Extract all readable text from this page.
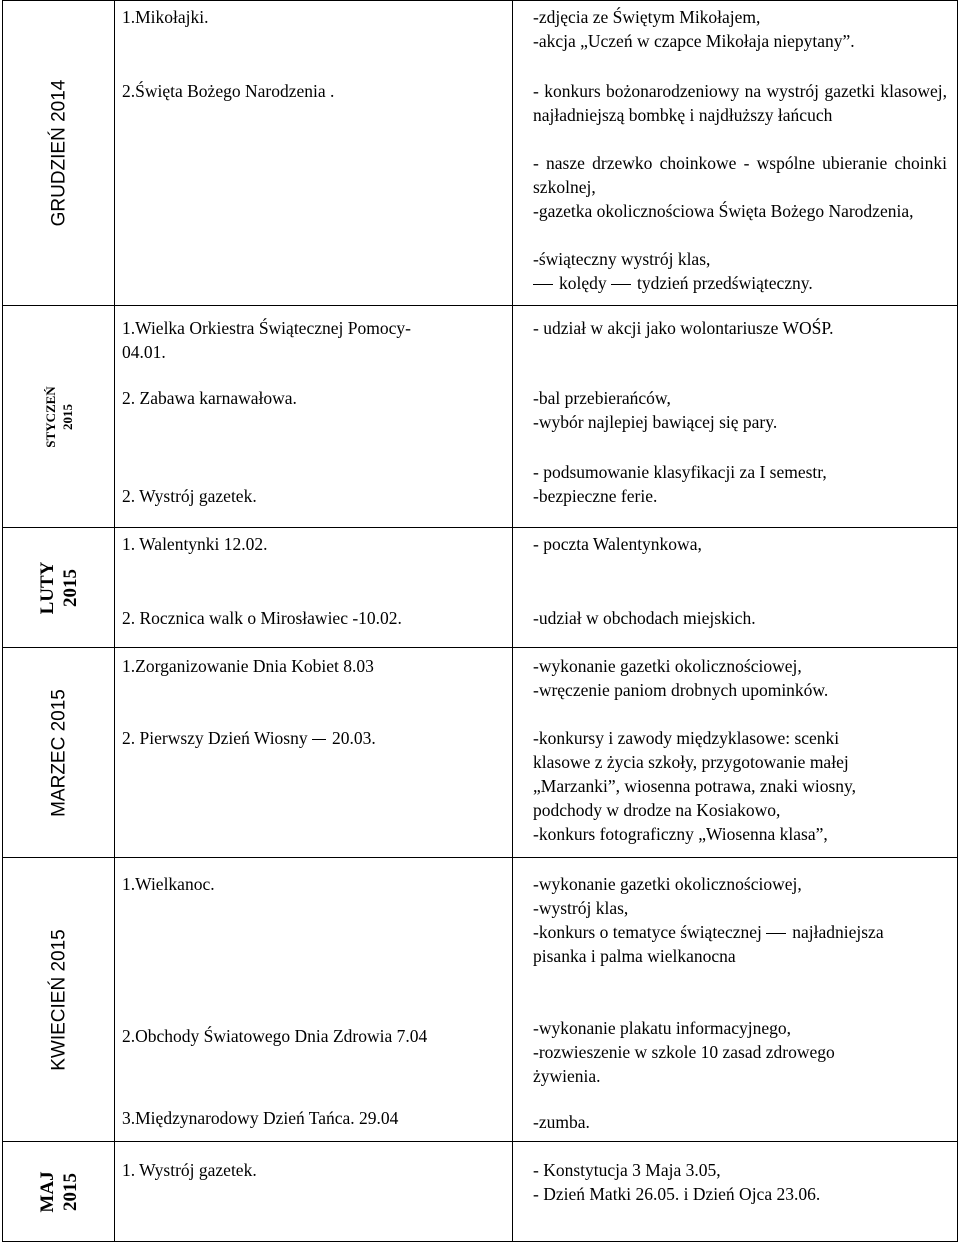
GRUDZIEŃ 2014
1.Mikołajki.
2.Święta Bożego Narodzenia .
-zdjęcia ze Świętym Mikołajem,
-akcja „Uczeń w czapce Mikołaja niepytany”.
- konkurs bożonarodzeniowy na wystrój gazetki klasowej, najładniejszą bombkę i najdłuższy łańcuch
- nasze drzewko choinkowe - wspólne ubieranie choinki szkolnej,
-gazetka okolicznościowa Święta Bożego Narodzenia,
-świąteczny wystrój klas,
kolędy tydzień przedświąteczny.
STYCZEŃ 2015
1.Wielka Orkiestra Świątecznej Pomocy-
04.01.
2. Zabawa karnawałowa.
2. Wystrój gazetek.
- udział w akcji jako wolontariusze WOŚP.
-bal przebierańców,
-wybór najlepiej bawiącej się pary.
- podsumowanie klasyfikacji za I semestr,
-bezpieczne ferie.
LUTY 2015
1. Walentynki 12.02.
2. Rocznica walk o Mirosławiec -10.02.
- poczta Walentynkowa,
-udział w obchodach miejskich.
MARZEC 2015
1.Zorganizowanie Dnia Kobiet 8.03
2. Pierwszy Dzień Wiosny 20.03.
-wykonanie gazetki okolicznościowej,
-wręczenie paniom drobnych upominków.
-konkursy i zawody międzyklasowe: scenki
klasowe z życia szkoły, przygotowanie małej
„Marzanki”, wiosenna potrawa, znaki wiosny,
podchody w drodze na Kosiakowo,
-konkurs fotograficzny „Wiosenna klasa”,
KWIECIEŃ 2015
1.Wielkanoc.
2.Obchody Światowego Dnia Zdrowia 7.04
3.Międzynarodowy Dzień Tańca. 29.04
-wykonanie gazetki okolicznościowej,
-wystrój klas,
-konkurs o tematyce świątecznej najładniejsza
pisanka i palma wielkanocna
-wykonanie plakatu informacyjnego,
-rozwieszenie w szkole 10 zasad zdrowego
żywienia.
-zumba.
MAJ 2015
1. Wystrój gazetek.	- Konstytucja 3 Maja 3.05,
- Dzień Matki 26.05. i Dzień Ojca 23.06.
